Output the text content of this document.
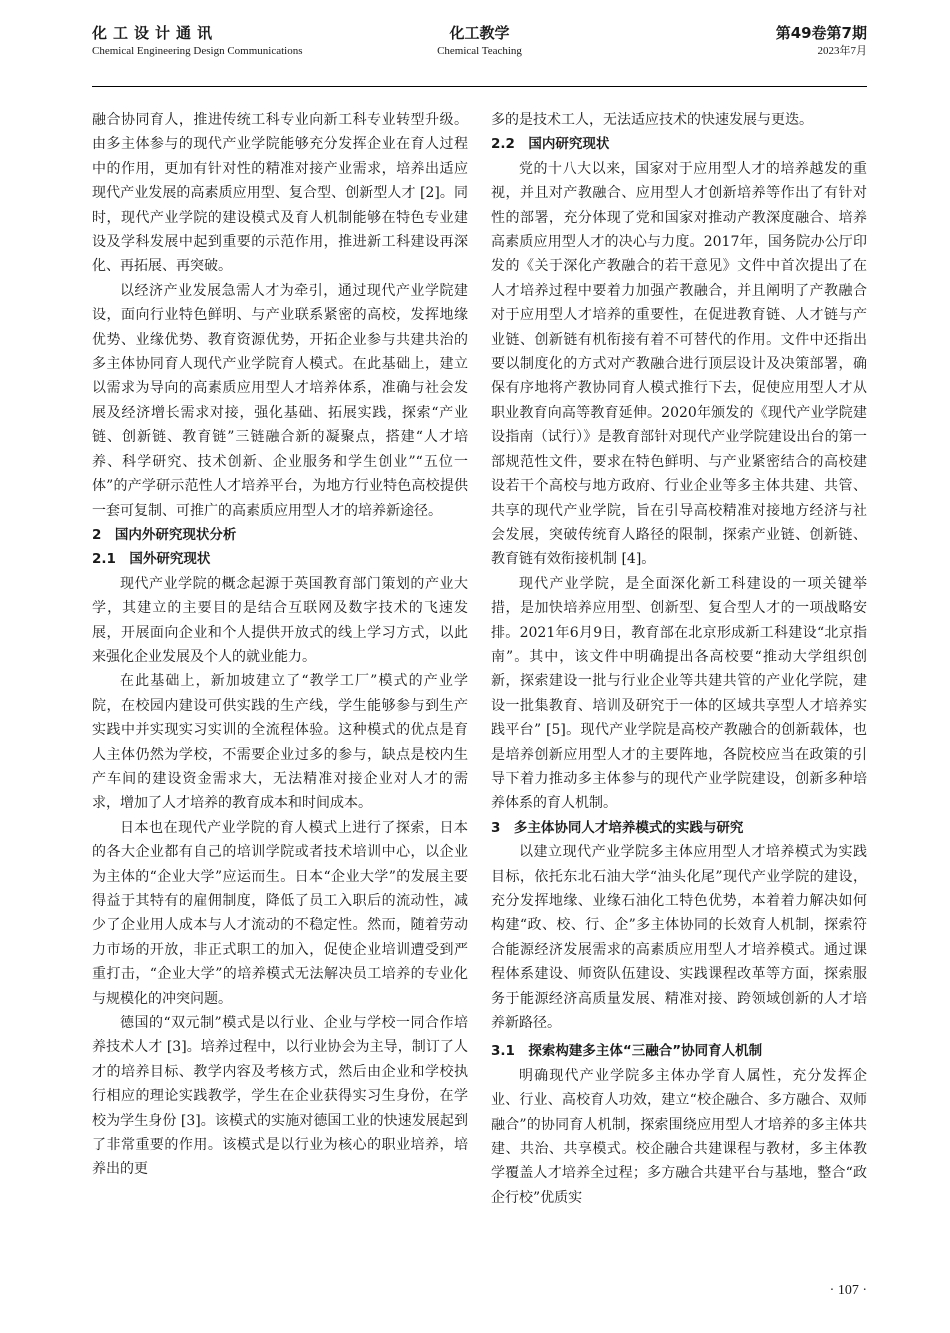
化工设计通讯
Chemical Engineering Design Communications
化工教学
Chemical Teaching
第49卷第7期
2023年7月

融合协同育人，推进传统工科专业向新工科专业转型升级。由多主体参与的现代产业学院能够充分发挥企业在育人过程中的作用，更加有针对性的精准对接产业需求，培养出适应现代产业发展的高素质应用型、复合型、创新型人才 [2]。同时，现代产业学院的建设模式及育人机制能够在特色专业建设及学科发展中起到重要的示范作用，推进新工科建设再深化、再拓展、再突破。

以经济产业发展急需人才为牵引，通过现代产业学院建设，面向行业特色鲜明、与产业联系紧密的高校，发挥地缘优势、业缘优势、教育资源优势，开拓企业参与共建共治的多主体协同育人现代产业学院育人模式。在此基础上，建立以需求为导向的高素质应用型人才培养体系，准确与社会发展及经济增长需求对接，强化基础、拓展实践，探索“产业链、创新链、教育链”三链融合新的凝聚点，搭建“人才培养、科学研究、技术创新、企业服务和学生创业”“五位一体”的产学研示范性人才培养平台，为地方行业特色高校提供一套可复制、可推广的高素质应用型人才的培养新途径。

2　国内外研究现状分析
2.1　国外研究现状

现代产业学院的概念起源于英国教育部门策划的产业大学，其建立的主要目的是结合互联网及数字技术的飞速发展，开展面向企业和个人提供开放式的线上学习方式，以此来强化企业发展及个人的就业能力。

在此基础上，新加坡建立了“教学工厂”模式的产业学院，在校园内建设可供实践的生产线，学生能够参与到生产实践中并实现实习实训的全流程体验。这种模式的优点是育人主体仍然为学校，不需要企业过多的参与，缺点是校内生产车间的建设资金需求大，无法精准对接企业对人才的需求，增加了人才培养的教育成本和时间成本。

日本也在现代产业学院的育人模式上进行了探索，日本的各大企业都有自己的培训学院或者技术培训中心，以企业为主体的“企业大学”应运而生。日本“企业大学”的发展主要得益于其特有的雇佣制度，降低了员工入职后的流动性，减少了企业用人成本与人才流动的不稳定性。然而，随着劳动力市场的开放，非正式职工的加入，促使企业培训遭受到严重打击，“企业大学”的培养模式无法解决员工培养的专业化与规模化的冲突问题。

德国的“双元制”模式是以行业、企业与学校一同合作培养技术人才 [3]。培养过程中，以行业协会为主导，制订了人才的培养目标、教学内容及考核方式，然后由企业和学校执行相应的理论实践教学，学生在企业获得实习生身份，在学校为学生身份 [3]。该模式的实施对德国工业的快速发展起到了非常重要的作用。该模式是以行业为核心的职业培养，培养出的更

多的是技术工人，无法适应技术的快速发展与更迭。

2.2　国内研究现状

党的十八大以来，国家对于应用型人才的培养越发的重视，并且对产教融合、应用型人才创新培养等作出了有针对性的部署，充分体现了党和国家对推动产教深度融合、培养高素质应用型人才的决心与力度。2017年，国务院办公厅印发的《关于深化产教融合的若干意见》文件中首次提出了在人才培养过程中要着力加强产教融合，并且阐明了产教融合对于应用型人才培养的重要性，在促进教育链、人才链与产业链、创新链有机衔接有着不可替代的作用。文件中还指出要以制度化的方式对产教融合进行顶层设计及决策部署，确保有序地将产教协同育人模式推行下去，促使应用型人才从职业教育向高等教育延伸。2020年颁发的《现代产业学院建设指南（试行）》是教育部针对现代产业学院建设出台的第一部规范性文件，要求在特色鲜明、与产业紧密结合的高校建设若干个高校与地方政府、行业企业等多主体共建、共管、共享的现代产业学院，旨在引导高校精准对接地方经济与社会发展，突破传统育人路径的限制，探索产业链、创新链、教育链有效衔接机制 [4]。

现代产业学院，是全面深化新工科建设的一项关键举措，是加快培养应用型、创新型、复合型人才的一项战略安排。2021年6月9日，教育部在北京形成新工科建设“北京指南”。其中，该文件中明确提出各高校要“推动大学组织创新，探索建设一批与行业企业等共建共管的产业化学院，建设一批集教育、培训及研究于一体的区域共享型人才培养实践平台” [5]。现代产业学院是高校产教融合的创新载体，也是培养创新应用型人才的主要阵地，各院校应当在政策的引导下着力推动多主体参与的现代产业学院建设，创新多种培养体系的育人机制。

3　多主体协同人才培养模式的实践与研究

以建立现代产业学院多主体应用型人才培养模式为实践目标，依托东北石油大学“油头化尾”现代产业学院的建设，充分发挥地缘、业缘石油化工特色优势，本着着力解决如何构建“政、校、行、企”多主体协同的长效育人机制，探索符合能源经济发展需求的高素质应用型人才培养模式。通过课程体系建设、师资队伍建设、实践课程改革等方面，探索服务于能源经济高质量发展、精准对接、跨领域创新的人才培养新路径。

3.1　探索构建多主体“三融合”协同育人机制

明确现代产业学院多主体办学育人属性，充分发挥企业、行业、高校育人功效，建立“校企融合、多方融合、双师融合”的协同育人机制，探索围绕应用型人才培养的多主体共建、共治、共享模式。校企融合共建课程与教材，多主体教学覆盖人才培养全过程；多方融合共建平台与基地，整合“政企行校”优质实

· 107 ·
